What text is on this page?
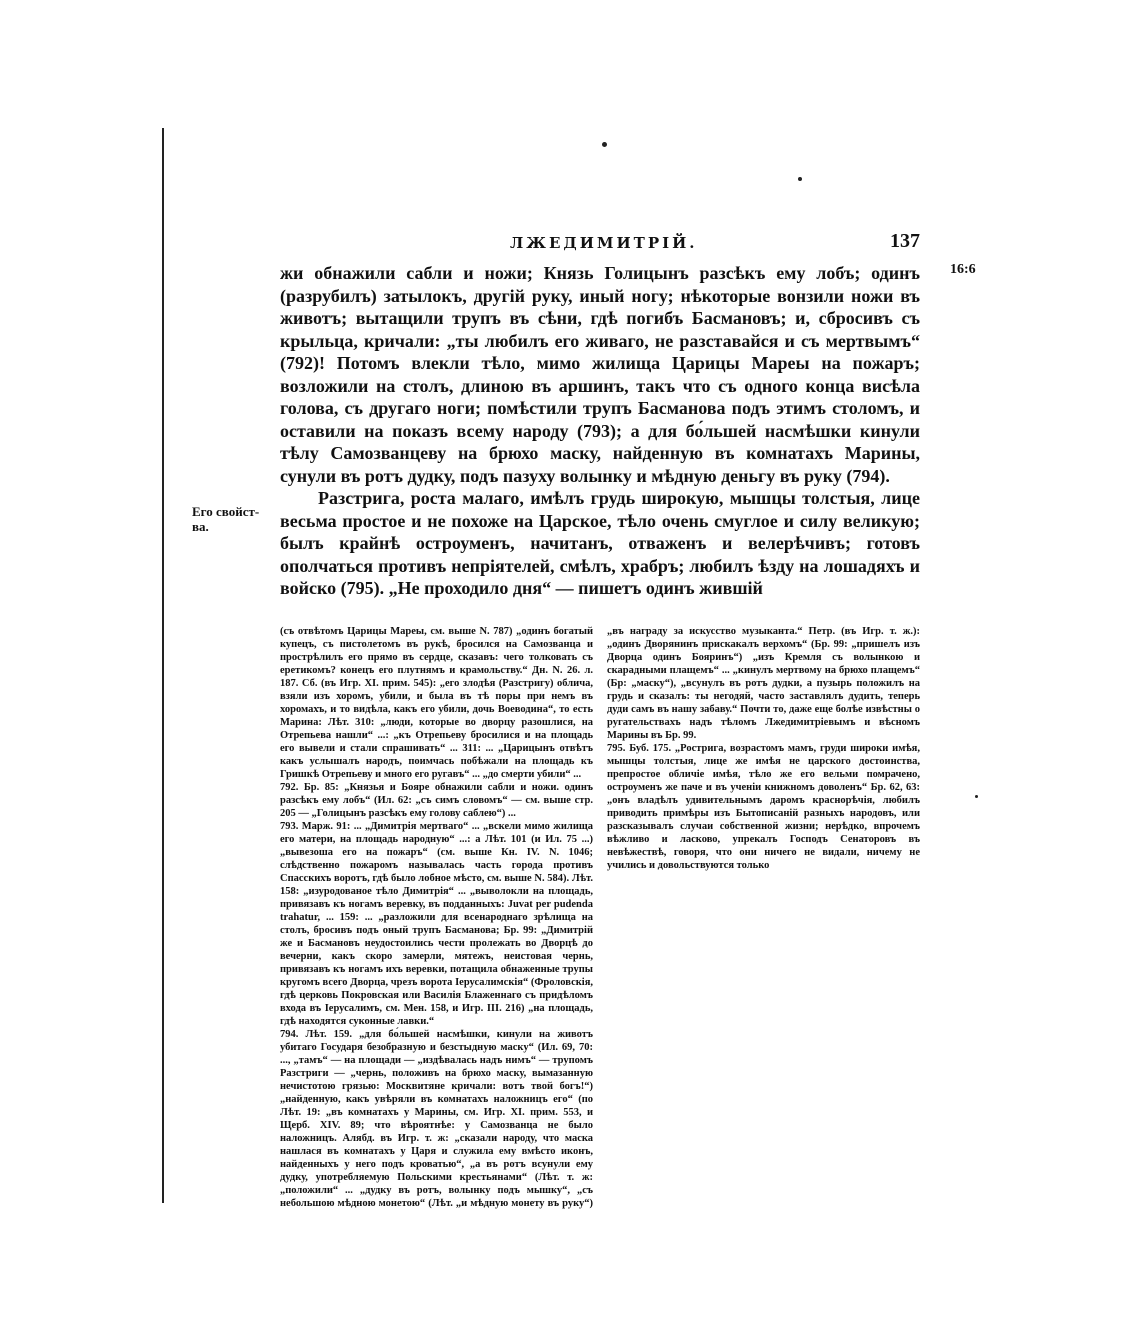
ЛЖЕДИМИТРІЙ.	137
16:6
Его свойст-ва.

жи обнажили сабли и ножи; Князь Голицынъ разсѣкъ ему лобъ; одинъ (разрубилъ) затылокъ, другій руку, иный ногу; нѣкоторые вонзили ножи въ животъ; вытащили трупъ въ сѣни, гдѣ погибъ Басмановъ; и, сбросивъ съ крыльца, кричали: „ты любилъ его живаго, не разставайся и съ мертвымъ“ (792)! Потомъ влекли тѣло, мимо жилища Царицы Мареы на пожаръ; возложили на столъ, длиною въ аршинъ, такъ что съ одного конца висѣла голова, съ другаго ноги; помѣстили трупъ Басманова подъ этимъ столомъ, и оставили на показъ всему народу (793); а для бо́льшей насмѣшки кинули тѣлу Самозванцеву на брюхо маску, найденную въ комнатахъ Марины, сунули въ ротъ дудку, подъ пазуху волынку и мѣдную деньгу въ руку (794).

Разстрига, роста малаго, имѣлъ грудь широкую, мышцы толстыя, лице весьма простое и не похоже на Царское, тѣло очень смуглое и силу великую; былъ крайнѣ остроуменъ, начитанъ, отваженъ и велерѣчивъ; готовъ ополчаться противъ непріятелей, смѣлъ, храбръ; любилъ ѣзду на лошадяхъ и войско (795). „Не проходило дня“ — пишетъ одинъ жившій

(съ отвѣтомъ Царицы Мареы, см. выше N. 787) „одинъ богатый купецъ, съ пистолетомъ въ рукѣ, бросился на Самозванца и прострѣлилъ его прямо въ сердце, сказавъ: чего толковать съ еретикомъ? конецъ его плутнямъ и крамольству.“ Дн. N. 26. л. 187. Сб. (въ Игр. XI. прим. 545): „его злодѣя (Разстригу) облича, взяли изъ хоромъ, убили, и была въ тѣ поры при немъ въ хоромахъ, и то видѣла, какъ его убили, дочь Воеводина“, то есть Марина: Лѣт. 310: „люди, которые во дворцу разошлися, на Отрепьева нашли“ ...: „къ Отрепьеву бросилися и на площадь его вывели и стали спрашивать“ ... 311: ... „Царицынъ отвѣтъ какъ услышалъ народъ, поимчась побѣжали на площадь къ Гришкѣ Отрепьеву и много его ругавъ“ ... „до смерти убили“ ...

792. Бр. 85: „Князья и Бояре обнажили сабли и ножи. одинъ разсѣкъ ему лобъ“ (Ил. 62: „съ симъ словомъ“ — см. выше стр. 205 — „Голицынъ разсѣкъ ему голову саблею“) ...

793. Марж. 91: ... „Димитрія мертваго“ ... „вскели мимо жилища его матери, на площадь народную“ ...: а Лѣт. 101 (и Ил. 75 ...) „вывезоша его на пожаръ“ (см. выше Кн. IV. N. 1046; слѣдственно пожаромъ называлась часть города противъ Спасскихъ воротъ, гдѣ было лобное мѣсто, см. выше N. 584). Лѣт. 158: „изуродованое тѣло Димитрія“ ... „выволокли на площадь, привязавъ къ ногамъ веревку, въ подданныхъ: Juvat per pudenda trahatur, ... 159: ... „разложили для всенароднаго зрѣлища на столъ, бросивъ подъ оный трупъ Басманова; Бр. 99: „Димитрій же и Басмановъ неудостоились чести пролежать во Дворцѣ до вечерни, какъ скоро замерли, мятежъ, неистовая чернь, привязавъ къ ногамъ ихъ веревки, потащила обнаженные трупы кругомъ всего Дворца, чрезъ ворота Іерусалимскія“ (Фроловскія, гдѣ церковь Покровская или Василія Блаженнаго съ придѣломъ входа въ Іерусалимъ, см. Мен. 158, и Игр. III. 216) „на площадь, гдѣ находятся суконные лавки.“

794. Лѣт. 159. „для бо́льшей насмѣшки, кинули на животъ убитаго Государя безобразную и безстыдную маску“ (Ил. 69, 70: ..., „тамъ“ — на площади — „издѣвалась надъ нимъ“ — трупомъ Разстриги — „чернь, положивъ на брюхо маску, вымазанную нечистотою грязью: Москвитяне кричали: вотъ твой богъ!“) „найденную, какъ увѣряли въ комнатахъ наложницъ его“ (по Лѣт. 19: „въ комнатахъ у Марины, см. Игр. XI. прим. 553, и Щерб. XIV. 89; что вѣроятнѣе: у Самозванца не было наложницъ. Алябд. въ Игр. т. ж: „сказали народу, что маска нашлася въ комнатахъ у Царя и служила ему вмѣсто иконъ, найденныхъ у него подъ кроватью“, „а въ ротъ всунули ему дудку, употребляемую Польскими крестьянами“ (Лѣт. т. ж: „положили“ ... „дудку въ ротъ, волынку подъ мышку“, „съ небольшою мѣдною монетою“ (Лѣт. „и мѣдную монету въ руку“) „въ награду за искусство музыканта.“ Петр. (въ Игр. т. ж.): „одинъ Дворянинъ прискакалъ верхомъ“ (Бр. 99: „пришелъ изъ Дворца одинъ Бояринъ“) „изъ Кремля съ волынкою и скарадными плащемъ“ ... „кинулъ мертвому на брюхо плащемъ“ (Бр: „маску“), „всунулъ въ ротъ дудки, а пузырь положилъ на грудь и сказалъ: ты негодяй, часто заставлялъ дудить, теперь дуди самъ въ нашу забаву.“ Почти то, даже еще болѣе извѣстны о ругательствахъ надъ тѣломъ Лжедимитріевымъ и вѣсномъ Марины въ Бр. 99.

795. Буб. 175. „Рострига, возрастомъ мамъ, груди широки имѣя, мышцы толстыя, лице же имѣя не царского достоинства, препростое обличіе имѣя, тѣло же его вельми помрачено, остроуменъ же паче и въ ученіи книжномъ доволенъ“ Бр. 62, 63: „онъ владѣлъ удивительнымъ даромъ краснорѣчія, любилъ приводить примѣры изъ Бытописаній разныхъ народовъ, или разсказывалъ случаи собственной жизни; нерѣдко, впрочемъ вѣжливо и ласково, упрекалъ Господъ Сенаторовъ въ невѣжествѣ, говоря, что они ничего не видали, ничему не учились и довольствуются только
